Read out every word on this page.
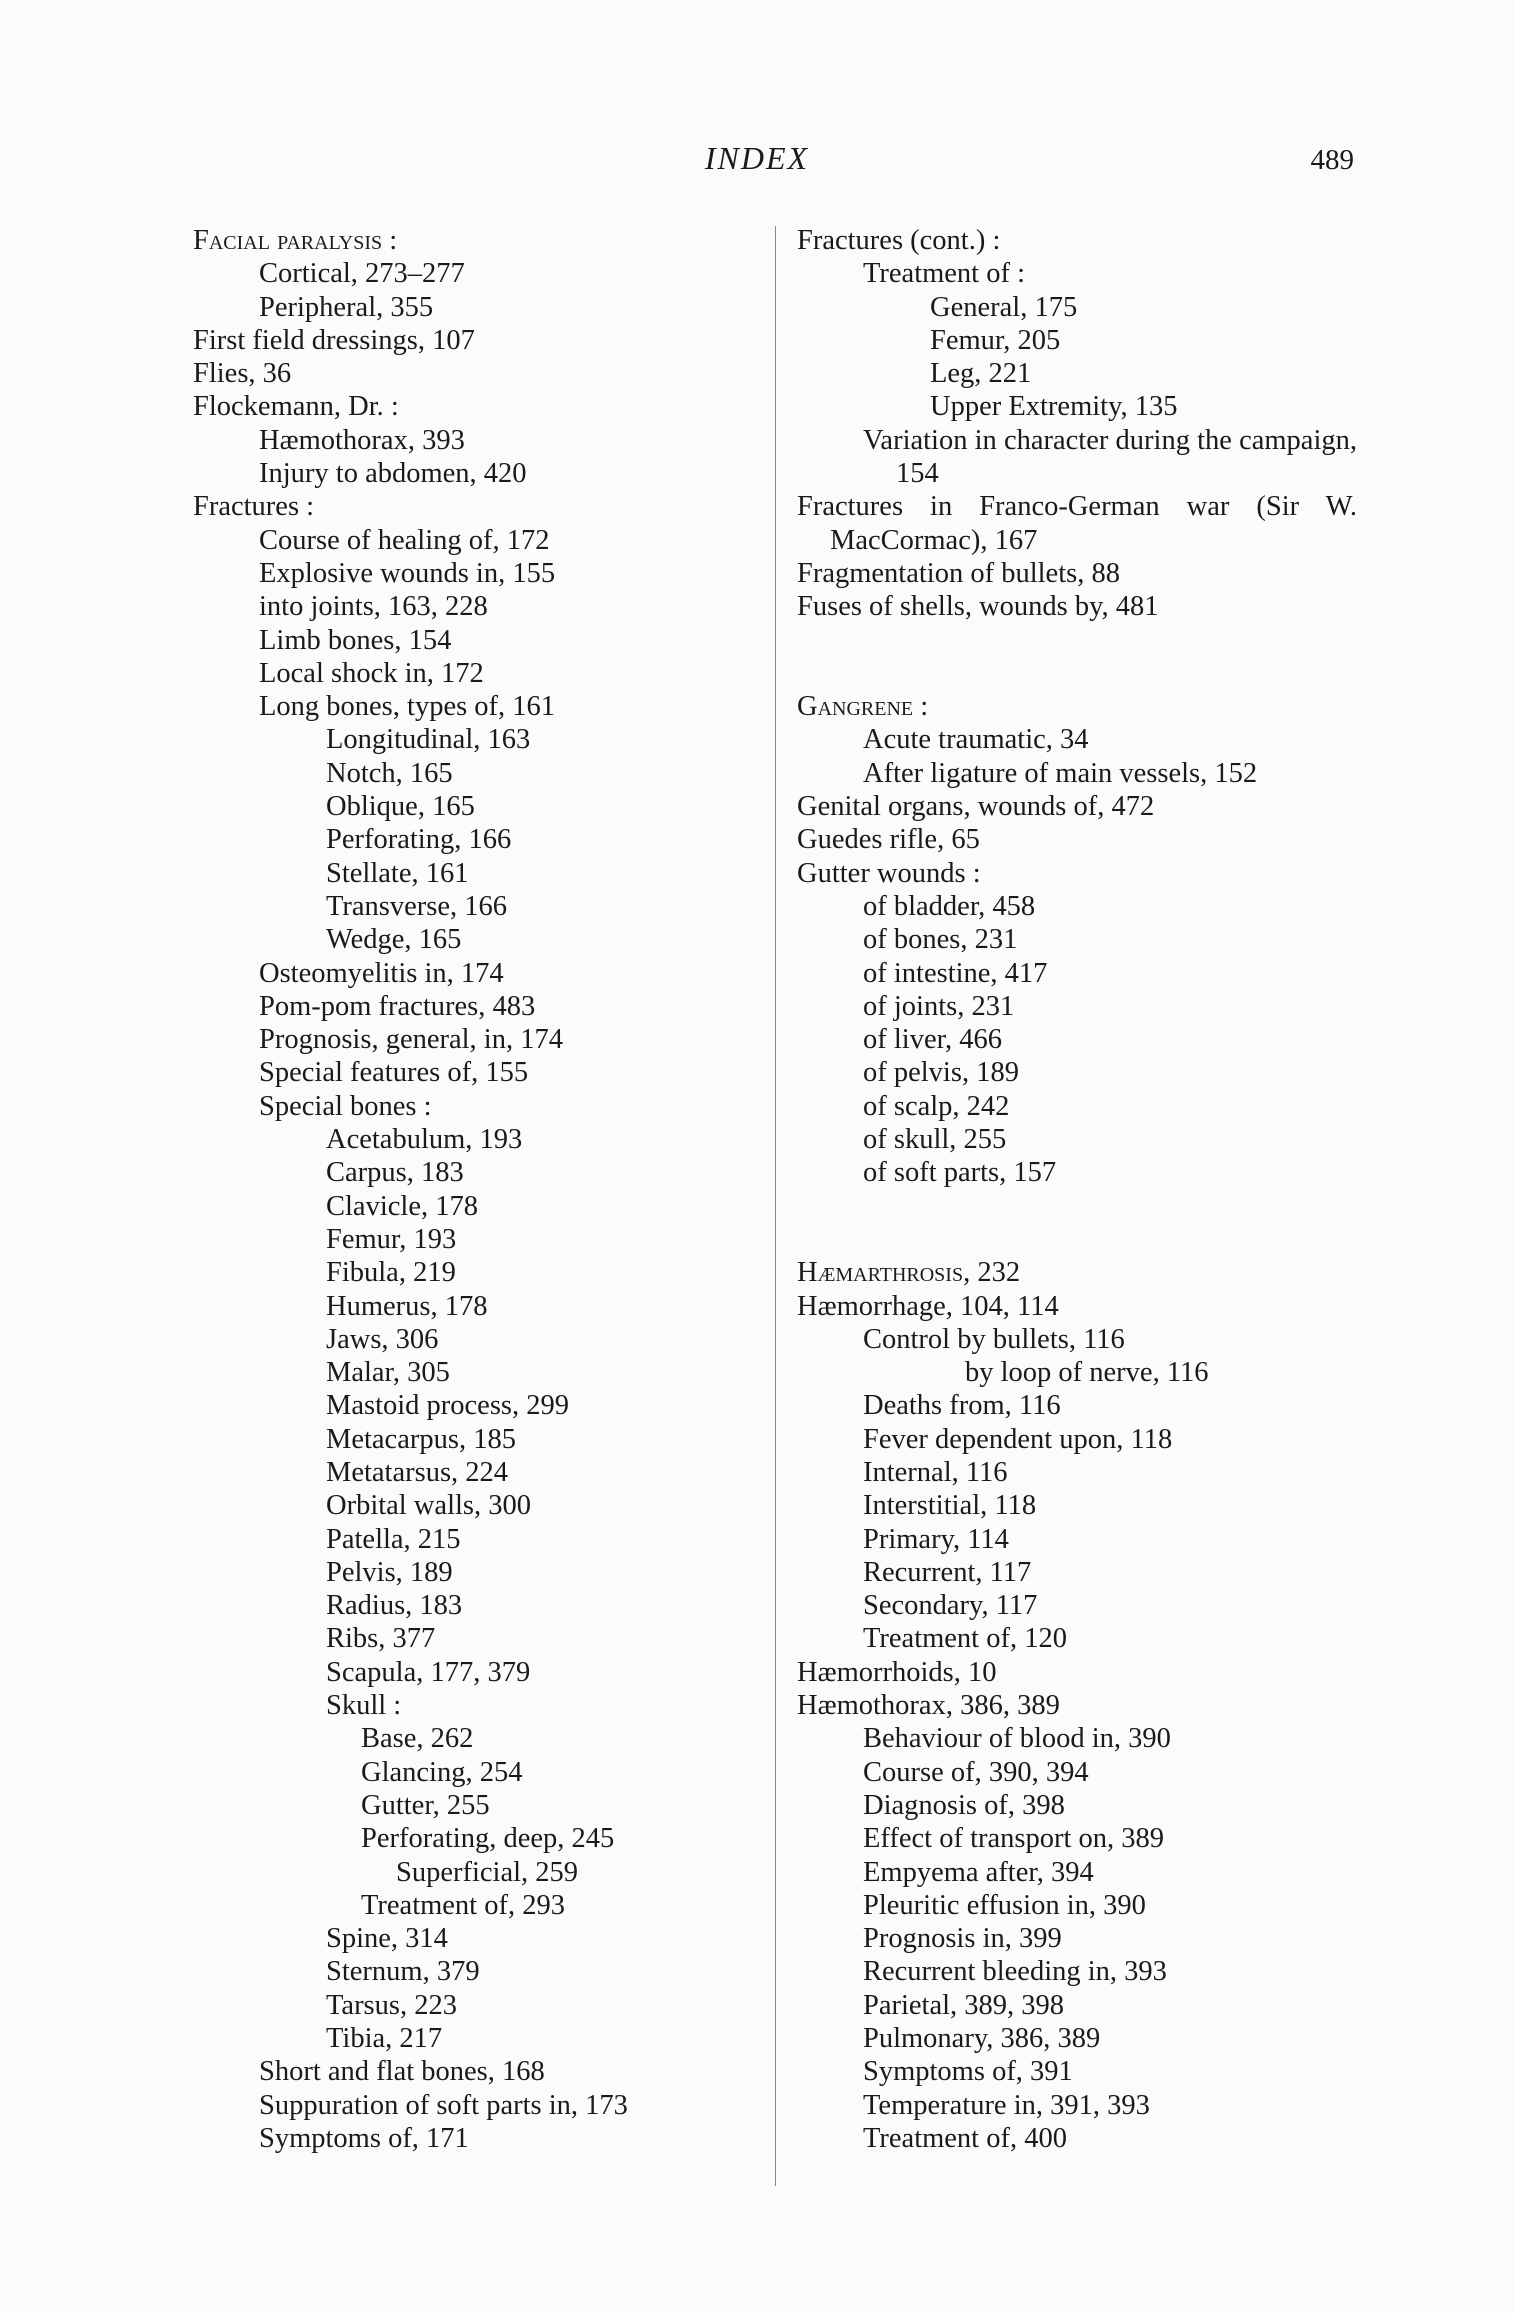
INDEX	489
Facial paralysis :
Cortical, 273–277
Peripheral, 355
First field dressings, 107
Flies, 36
Flockemann, Dr. :
Hæmothorax, 393
Injury to abdomen, 420
Fractures :
Course of healing of, 172
Explosive wounds in, 155
into joints, 163, 228
Limb bones, 154
Local shock in, 172
Long bones, types of, 161
Longitudinal, 163
Notch, 165
Oblique, 165
Perforating, 166
Stellate, 161
Transverse, 166
Wedge, 165
Osteomyelitis in, 174
Pom-pom fractures, 483
Prognosis, general, in, 174
Special features of, 155
Special bones :
Acetabulum, 193
Carpus, 183
Clavicle, 178
Femur, 193
Fibula, 219
Humerus, 178
Jaws, 306
Malar, 305
Mastoid process, 299
Metacarpus, 185
Metatarsus, 224
Orbital walls, 300
Patella, 215
Pelvis, 189
Radius, 183
Ribs, 377
Scapula, 177, 379
Skull :
Base, 262
Glancing, 254
Gutter, 255
Perforating, deep, 245
Superficial, 259
Treatment of, 293
Spine, 314
Sternum, 379
Tarsus, 223
Tibia, 217
Short and flat bones, 168
Suppuration of soft parts in, 173
Symptoms of, 171
Fractures (cont.) :
Treatment of :
General, 175
Femur, 205
Leg, 221
Upper Extremity, 135
Variation in character during the campaign, 154
Fractures in Franco-German war (Sir W. MacCormac), 167
Fragmentation of bullets, 88
Fuses of shells, wounds by, 481
Gangrene :
Acute traumatic, 34
After ligature of main vessels, 152
Genital organs, wounds of, 472
Guedes rifle, 65
Gutter wounds :
of bladder, 458
of bones, 231
of intestine, 417
of joints, 231
of liver, 466
of pelvis, 189
of scalp, 242
of skull, 255
of soft parts, 157
Hæmarthrosis, 232
Hæmorrhage, 104, 114
Control by bullets, 116
by loop of nerve, 116
Deaths from, 116
Fever dependent upon, 118
Internal, 116
Interstitial, 118
Primary, 114
Recurrent, 117
Secondary, 117
Treatment of, 120
Hæmorrhoids, 10
Hæmothorax, 386, 389
Behaviour of blood in, 390
Course of, 390, 394
Diagnosis of, 398
Effect of transport on, 389
Empyema after, 394
Pleuritic effusion in, 390
Prognosis in, 399
Recurrent bleeding in, 393
Parietal, 389, 398
Pulmonary, 386, 389
Symptoms of, 391
Temperature in, 391, 393
Treatment of, 400
